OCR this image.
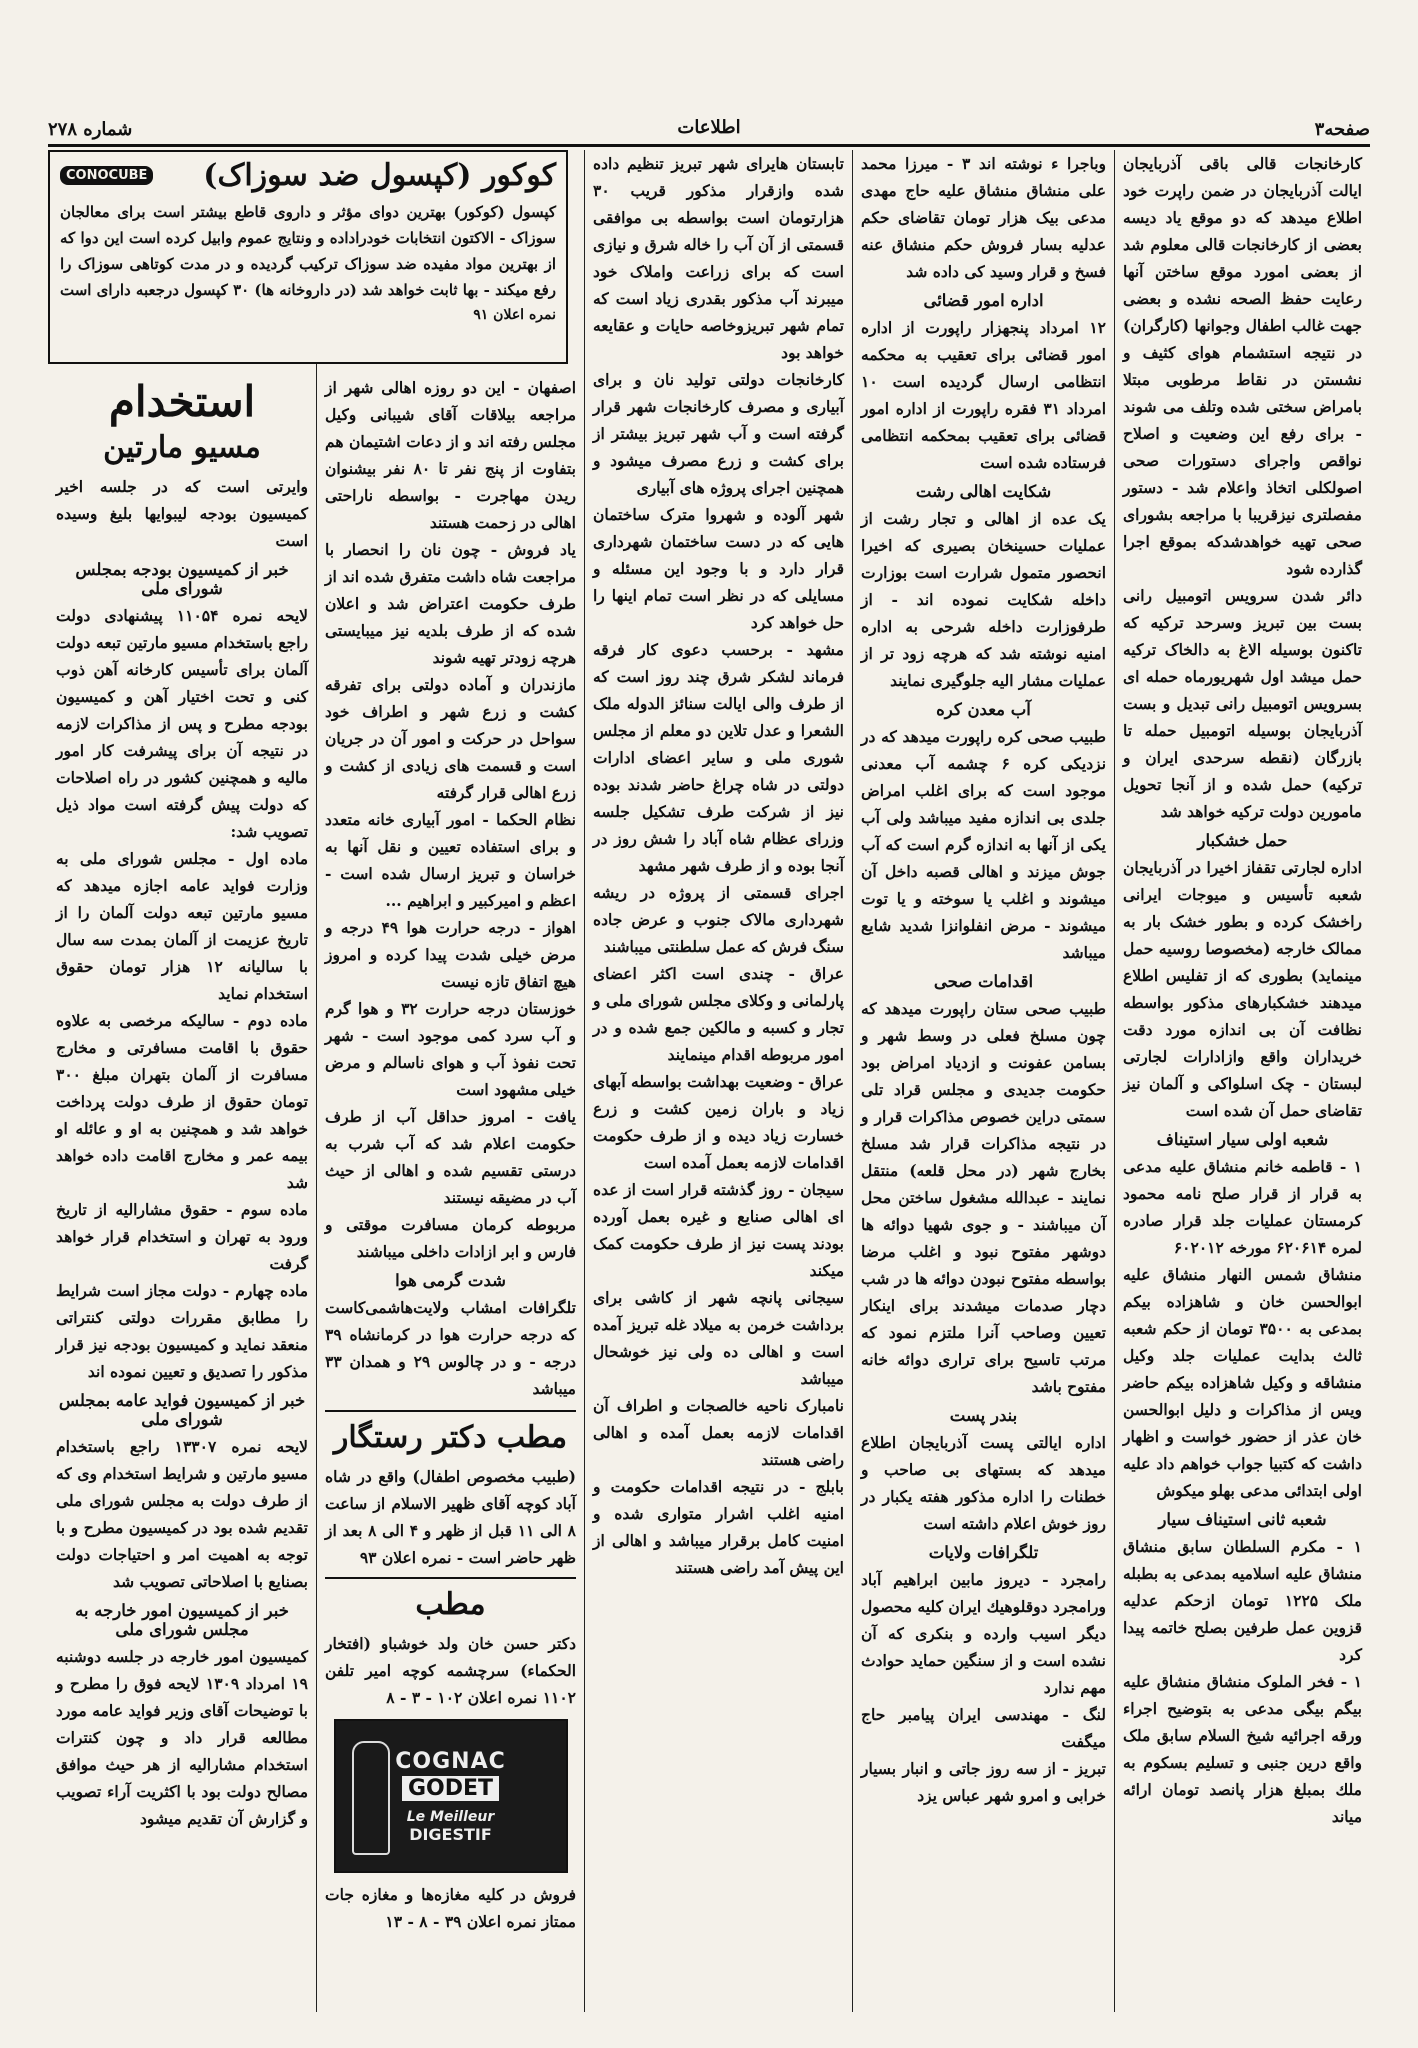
صفحه۳
اطلاعات
شماره ۲۷۸

کارخانجات قالی باقی آذربایجان ایالت آذربایجان در ضمن راپرت خود اطلاع میدهد که دو موقع یاد دیسه بعضی از کارخانجات قالی معلوم شد از بعضی امورد موقع ساختن آنها رعایت حفظ الصحه نشده و بعضی جهت غالب اطفال وجوانها (کارگران) در نتیجه استشمام هوای کثیف و نشستن در نقاط مرطوبی مبتلا بامراض سختی شده وتلف می شوند - برای رفع این وضعیت و اصلاح نواقص واجرای دستورات صحی اصولکلی اتخاذ واعلام شد - دستور مفصلتری نیزقریبا با مراجعه بشورای صحی تهیه خواهدشدکه بموقع اجرا گذارده شود

دائر شدن سرویس اتومبیل رانی بست بین تبریز وسرحد ترکیه که تاکنون بوسیله الاغ به دالخاک ترکیه حمل میشد اول شهریورماه حمله ای بسرویس اتومبیل رانی تبدیل و بست آذربایجان بوسیله اتومبیل حمله تا بازرگان (نقطه سرحدی ایران و ترکیه) حمل شده و از آنجا تحویل مامورین دولت ترکیه خواهد شد

حمل خشکبار

اداره لجارتی تقفاز اخیرا در آذربایجان شعبه تأسیس و میوجات ایرانی راخشک کرده و بطور خشک بار به ممالک خارجه (مخصوصا روسیه حمل مینماید) بطوری که از تفلیس اطلاع میدهند خشکبارهای مذکور بواسطه نظافت آن بی اندازه مورد دقت خریداران واقع وازادارات لجارتی لبستان - چک اسلواکی و آلمان نیز تقاضای حمل آن شده است

شعبه اولی سیار استیناف

۱ - قاطمه خانم منشاق علیه مدعی به قرار از قرار صلح نامه محمود کرمستان عملیات جلد قرار صادره لمره ۶۲۰۶۱۴ مورخه ۶۰۲۰۱۲

منشاق شمس النهار منشاق علیه ابوالحسن خان و شاهزاده بیکم بمدعی به ۳۵۰۰ تومان از حکم شعبه ثالث بدایت عملیات جلد وکیل منشاقه و وکیل شاهزاده بیکم حاضر ویس از مذاکرات و دلیل ابوالحسن خان عذر از حضور خواست و اظهار داشت که کتبیا جواب خواهم داد عليه اولی ابتدائی مدعی بهلو میکوش

شعبه ثانی استیناف سیار

۱ - مکرم السلطان سابق منشاق منشاق علیه اسلامیه بمدعی به بطبله ملک ۱۲۲۵ تومان ازحکم عدلیه قزوین عمل طرفین بصلح خاتمه پیدا کرد

۱ - فخر الملوک منشاق منشاق علیه بیگم بیگی مدعی به بتوضیح اجراء ورقه اجرائیه شیخ السلام سابق ملک واقع درین جنبی و تسلیم بسکوم به ملك بمبلغ هزار پانصد تومان ارائه میاند

وباجرا ء نوشته اند ۳ - میرزا محمد علی منشاق منشاق علیه حاج مهدی مدعی بیک هزار تومان تقاضای حکم عدلیه بسار فروش حکم منشاق عنه فسخ و قرار وسید کی داده شد

اداره امور قضائی

۱۲ امرداد پنجهزار راپورت از اداره امور قضائی برای تعقیب به محکمه انتظامی ارسال گردیده است ۱۰ امرداد ۳۱ فقره راپورت از اداره امور قضائی برای تعقیب بمحکمه انتظامی فرستاده شده است

شکایت اهالی رشت

یک عده از اهالی و تجار رشت از عملیات حسینخان بصیری که اخیرا انحصور متمول شرارت است بوزارت داخله شکایت نموده اند - از طرفوزارت داخله شرحی به اداره امنیه نوشته شد که هرچه زود تر از عملیات مشار الیه جلوگیری نمایند

آب معدن کره

طبیب صحی کره راپورت میدهد که در نزدیکی کره ۶ چشمه آب معدنی موجود است که برای اغلب امراض جلدی بی اندازه مفید میباشد ولی آب یکی از آنها به اندازه گرم است که آب جوش میزند و اهالی قصبه داخل آن میشوند و اغلب یا سوخته و یا توت میشوند - مرض انفلوانزا شدید شایع میباشد

اقدامات صحی

طبیب صحی ستان راپورت میدهد که چون مسلخ فعلی در وسط شهر و بسامن عفونت و ازدیاد امراض بود حکومت جدیدی و مجلس قراد تلی سمتی دراین خصوص مذاکرات قرار و در نتیجه مذاکرات قرار شد مسلخ بخارج شهر (در محل قلعه) منتقل نمایند - عبدالله مشغول ساختن محل آن میباشند - و جوی شهیا دوائه ها دوشهر مفتوح نبود و اغلب مرضا بواسطه مفتوح نبودن دوائه ها در شب دچار صدمات میشدند برای اینکار تعیین وصاحب آنرا ملتزم نمود که مرتب تاسیح برای تراری دوائه خانه مفتوح باشد

بندر پست

اداره ایالتی پست آذربایجان اطلاع میدهد که بستهای بی صاحب و خطنات را اداره مذکور هفته یکبار در روز خوش اعلام داشته است

تلگرافات ولایات

رامجرد - دیروز مابین ابراهیم آباد ورامجرد دوقلوهيك ايران کلیه محصول دیگر اسیب وارده و بنکری که آن نشده است و از سنگین حماید حوادث مهم ندارد

لنگ - مهندسی ایران پیامبر حاج میگفت

تبریز - از سه روز جاتی و انبار بسیار خرابی و امرو شهر عباس یزد

تابستان هایرای شهر تبریز تنظیم داده شده وازقرار مذکور قریب ۳۰ هزارتومان است بواسطه بی موافقی قسمتی از آن آب را خاله شرق و نیازی است که برای زراعت واملاک خود میبرند آب مذکور بقدری زیاد است که تمام شهر تبریزوخاصه حایات و عقایعه خواهد بود

کارخانجات دولتی تولید نان و برای آبیاری و مصرف کارخانجات شهر قرار گرفته است و آب شهر تبریز بیشتر از برای کشت و زرع مصرف میشود و همچنین اجرای پروژه های آبیاری

شهر آلوده و شهروا مترک ساختمان هایی که در دست ساختمان شهرداری قرار دارد و با وجود این مسئله و مسایلی که در نظر است تمام اینها را حل خواهد کرد

مشهد - برحسب دعوی کار فرقه فرماند لشکر شرق چند روز است که از طرف والی ایالت سنائز الدوله ملک الشعرا و عدل تلاین دو معلم از مجلس شوری ملی و سایر اعضای ادارات دولتی در شاه چراغ حاضر شدند بوده نیز از شرکت طرف تشکیل جلسه وزرای عظام شاه آباد را شش روز در آنجا بوده و از طرف شهر مشهد

اجرای قسمتی از پروژه در ریشه شهرداری مالاک جنوب و عرض جاده سنگ فرش که عمل سلطنتی میباشند

عراق - چندی است اکثر اعضای پارلمانی و وکلای مجلس شورای ملی و تجار و کسبه و مالکین جمع شده و در امور مربوطه اقدام مینمایند

عراق - وضعیت بهداشت بواسطه آبهای زیاد و باران زمین کشت و زرع خسارت زیاد دیده و از طرف حکومت اقدامات لازمه بعمل آمده است

سیجان - روز گذشته قرار است از عده ای اهالی صنایع و غیره بعمل آورده بودند پست نیز از طرف حکومت کمک میکند

سیجانی پانچه شهر از کاشی برای برداشت خرمن به میلاد غله تبریز آمده است و اهالی ده ولی نیز خوشحال میباشد

نامبارک ناحیه خالصجات و اطراف آن اقدامات لازمه بعمل آمده و اهالی راضی هستند

بابلج - در نتیجه اقدامات حکومت و امنیه اغلب اشرار متواری شده و امنیت کامل برقرار میباشد و اهالی از این پیش آمد راضی هستند

اصفهان - این دو روزه اهالی شهر از مراجعه بیلاقات آقای شیبانی وکیل مجلس رفته اند و از دعات اشتیمان هم بتفاوت از پنج نفر تا ۸۰ نفر بیشنوان ریدن مهاجرت - بواسطه ناراحتی اهالی در زحمت هستند

یاد فروش - چون نان را انحصار با مراجعت شاه داشت متفرق شده اند از طرف حکومت اعتراض شد و اعلان شده که از طرف بلدیه نیز میبایستی هرچه زودتر تهیه شوند

مازندران و آماده دولتی برای تفرقه کشت و زرع شهر و اطراف خود سواحل در حرکت و امور آن در جریان است و قسمت های زیادی از کشت و زرع اهالی قرار گرفته

نظام الحکما - امور آبیاری خانه متعدد و برای استفاده تعیین و نقل آنها به خراسان و تبریز ارسال شده است - اعظم و امیرکبیر و ابراهیم ...

اهواز - درجه حرارت هوا ۴۹ درجه و مرض خیلی شدت پیدا کرده و امروز هیچ اتفاق تازه نیست

خوزستان درجه حرارت ۳۲ و هوا گرم و آب سرد کمی موجود است - شهر تحت نفوذ آب و هوای ناسالم و مرض خیلی مشهود است

یافت - امروز حداقل آب از طرف حکومت اعلام شد که آب شرب به درستی تقسیم شده و اهالی از حیث آب در مضیقه نیستند

مربوطه کرمان مسافرت موقتی و فارس و ابر ازادات داخلی میباشند

شدت گرمی هوا

تلگرافات امشاب ولایت‌هاشمی‌کاست که درجه حرارت هوا در کرمانشاه ۳۹ درجه - و در چالوس ۲۹ و همدان ۳۳ میباشد

مطب دکتر رستگار

(طبیب مخصوص اطفال) واقع در شاه آباد کوچه آقای ظهیر الاسلام از ساعت ۸ الی ۱۱ قبل از ظهر و ۴ الی ۸ بعد از ظهر حاضر است - نمره اعلان ۹۳

مطب

دکتر حسن خان ولد خوشباو (افتخار الحکماء) سرچشمه کوچه امیر تلفن ۱۱۰۲ نمره اعلان ۱۰۲ - ۳ - ۸

COGNAC
GODET
Le Meilleur
DIGESTIF

فروش در کلیه مغازه‌ها و مغازه جات ممتاز نمره اعلان ۳۹ - ۸ - ۱۳

استخدام
مسیو مارتین

وایرتی است که در جلسه اخیر کمیسیون بودجه لیبوایها بلیغ وسیده است

خبر از کمیسیون بودجه بمجلس شورای ملی

لایحه نمره ۱۱۰۵۴ پیشنهادی دولت راجع باستخدام مسیو مارتین تبعه دولت آلمان برای تأسیس کارخانه آهن ذوب کنی و تحت اختیار آهن و کمیسیون بودجه مطرح و پس از مذاکرات لازمه در نتیجه آن برای پیشرفت کار امور مالیه و همچنین کشور در راه اصلاحات که دولت پیش گرفته است مواد ذیل تصویب شد:

ماده اول - مجلس شورای ملی به وزارت فواید عامه اجازه میدهد که مسیو مارتین تبعه دولت آلمان را از تاریخ عزیمت از آلمان بمدت سه سال با سالیانه ۱۲ هزار تومان حقوق استخدام نماید

ماده دوم - سالیکه مرخصی به علاوه حقوق با اقامت مسافرتی و مخارج مسافرت از آلمان بتهران مبلغ ۳۰۰ تومان حقوق از طرف دولت پرداخت خواهد شد و همچنین به او و عائله او بیمه عمر و مخارج اقامت داده خواهد شد

ماده سوم - حقوق مشارالیه از تاریخ ورود به تهران و استخدام قرار خواهد گرفت

ماده چهارم - دولت مجاز است شرایط را مطابق مقررات دولتی کنتراتی منعقد نماید و کمیسیون بودجه نیز قرار مذکور را تصدیق و تعیین نموده اند

خبر از کمیسیون فواید عامه بمجلس شورای ملی

لایحه نمره ۱۳۳۰۷ راجع باستخدام مسیو مارتین و شرایط استخدام وی که از طرف دولت به مجلس شورای ملی تقدیم شده بود در کمیسیون مطرح و با توجه به اهمیت امر و احتیاجات دولت بصنایع با اصلاحاتی تصویب شد

خبر از کمیسیون امور خارجه به مجلس شورای ملی

کمیسیون امور خارجه در جلسه دوشنبه ۱۹ امرداد ۱۳۰۹ لایحه فوق را مطرح و با توضیحات آقای وزیر فواید عامه مورد مطالعه قرار داد و چون کنترات استخدام مشارالیه از هر حیث موافق مصالح دولت بود با اکثریت آراء تصویب و گزارش آن تقدیم میشود

کوکور (کپسول ضد سوزاک)
CONOCUBE
کپسول (کوکور) بهترین دوای مؤثر و داروی قاطع بیشتر است برای معالجان سوزاک - الاکتون انتخابات خودراداده و ونتایج عموم وابیل کرده است این دوا که از بهترین مواد مفیده ضد سوزاک ترکیب گردیده و در مدت کوتاهی سوزاک را رفع میکند - بها ثابت خواهد شد (در داروخانه ها) ۳۰ کپسول درجعبه دارای است
نمره اعلان ۹۱
